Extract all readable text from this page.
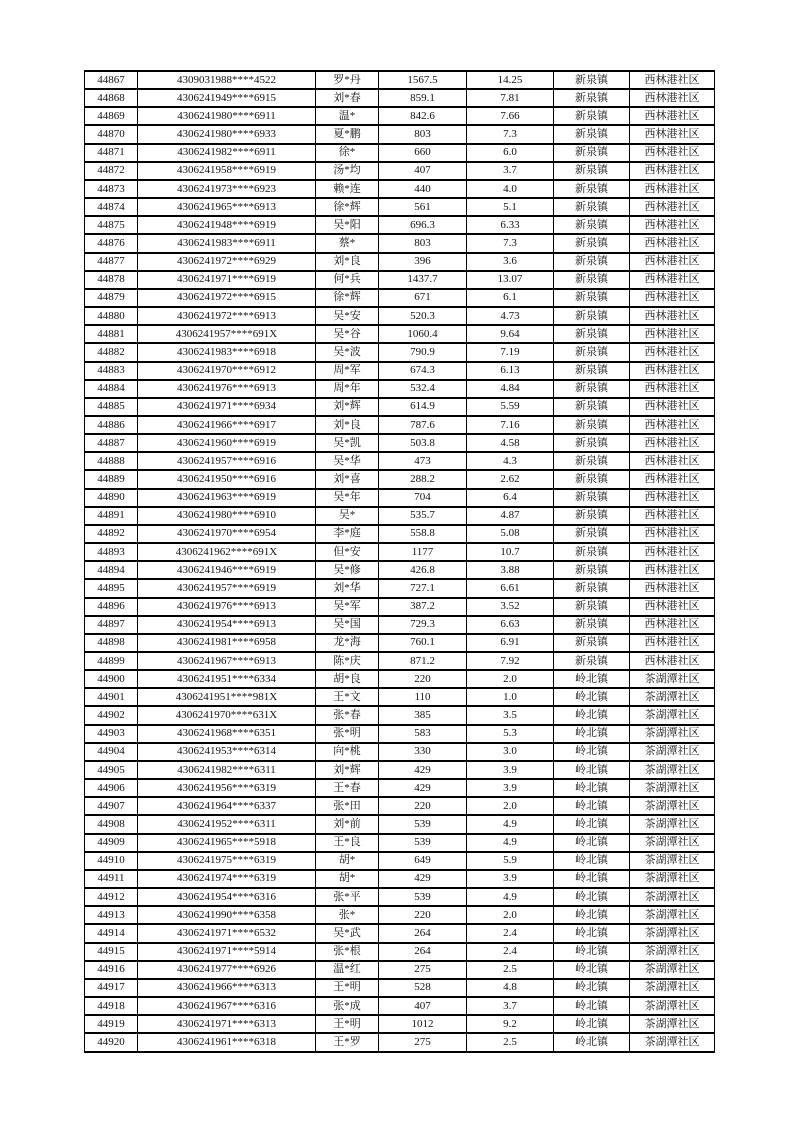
44867	4309031988****4522	罗*丹	1567.5	14.25	新泉镇	西林港社区
44868	4306241949****6915	刘*春	859.1	7.81	新泉镇	西林港社区
44869	4306241980****6911	温*	842.6	7.66	新泉镇	西林港社区
44870	4306241980****6933	夏*鹏	803	7.3	新泉镇	西林港社区
44871	4306241982****6911	徐*	660	6.0	新泉镇	西林港社区
44872	4306241958****6919	汤*均	407	3.7	新泉镇	西林港社区
44873	4306241973****6923	赖*连	440	4.0	新泉镇	西林港社区
44874	4306241965****6913	徐*辉	561	5.1	新泉镇	西林港社区
44875	4306241948****6919	吴*阳	696.3	6.33	新泉镇	西林港社区
44876	4306241983****6911	蔡*	803	7.3	新泉镇	西林港社区
44877	4306241972****6929	刘*良	396	3.6	新泉镇	西林港社区
44878	4306241971****6919	何*兵	1437.7	13.07	新泉镇	西林港社区
44879	4306241972****6915	徐*辉	671	6.1	新泉镇	西林港社区
44880	4306241972****6913	吴*安	520.3	4.73	新泉镇	西林港社区
44881	4306241957****691X	吴*谷	1060.4	9.64	新泉镇	西林港社区
44882	4306241983****6918	吴*波	790.9	7.19	新泉镇	西林港社区
44883	4306241970****6912	周*军	674.3	6.13	新泉镇	西林港社区
44884	4306241976****6913	周*年	532.4	4.84	新泉镇	西林港社区
44885	4306241971****6934	刘*辉	614.9	5.59	新泉镇	西林港社区
44886	4306241966****6917	刘*良	787.6	7.16	新泉镇	西林港社区
44887	4306241960****6919	吴*凯	503.8	4.58	新泉镇	西林港社区
44888	4306241957****6916	吴*华	473	4.3	新泉镇	西林港社区
44889	4306241950****6916	刘*喜	288.2	2.62	新泉镇	西林港社区
44890	4306241963****6919	吴*年	704	6.4	新泉镇	西林港社区
44891	4306241980****6910	吴*	535.7	4.87	新泉镇	西林港社区
44892	4306241970****6954	李*庭	558.8	5.08	新泉镇	西林港社区
44893	4306241962****691X	但*安	1177	10.7	新泉镇	西林港社区
44894	4306241946****6919	吴*修	426.8	3.88	新泉镇	西林港社区
44895	4306241957****6919	刘*华	727.1	6.61	新泉镇	西林港社区
44896	4306241976****6913	吴*军	387.2	3.52	新泉镇	西林港社区
44897	4306241954****6913	吴*国	729.3	6.63	新泉镇	西林港社区
44898	4306241981****6958	龙*海	760.1	6.91	新泉镇	西林港社区
44899	4306241967****6913	陈*庆	871.2	7.92	新泉镇	西林港社区
44900	4306241951****6334	胡*良	220	2.0	岭北镇	茶湖潭社区
44901	4306241951****981X	王*文	110	1.0	岭北镇	茶湖潭社区
44902	4306241970****631X	张*春	385	3.5	岭北镇	茶湖潭社区
44903	4306241968****6351	张*明	583	5.3	岭北镇	茶湖潭社区
44904	4306241953****6314	向*桃	330	3.0	岭北镇	茶湖潭社区
44905	4306241982****6311	刘*辉	429	3.9	岭北镇	茶湖潭社区
44906	4306241956****6319	王*春	429	3.9	岭北镇	茶湖潭社区
44907	4306241964****6337	张*田	220	2.0	岭北镇	茶湖潭社区
44908	4306241952****6311	刘*前	539	4.9	岭北镇	茶湖潭社区
44909	4306241965****5918	王*良	539	4.9	岭北镇	茶湖潭社区
44910	4306241975****6319	胡*	649	5.9	岭北镇	茶湖潭社区
44911	4306241974****6319	胡*	429	3.9	岭北镇	茶湖潭社区
44912	4306241954****6316	张*平	539	4.9	岭北镇	茶湖潭社区
44913	4306241990****6358	张*	220	2.0	岭北镇	茶湖潭社区
44914	4306241971****6532	吴*武	264	2.4	岭北镇	茶湖潭社区
44915	4306241971****5914	张*根	264	2.4	岭北镇	茶湖潭社区
44916	4306241977****6926	温*红	275	2.5	岭北镇	茶湖潭社区
44917	4306241966****6313	王*明	528	4.8	岭北镇	茶湖潭社区
44918	4306241967****6316	张*成	407	3.7	岭北镇	茶湖潭社区
44919	4306241971****6313	王*明	1012	9.2	岭北镇	茶湖潭社区
44920	4306241961****6318	王*罗	275	2.5	岭北镇	茶湖潭社区
